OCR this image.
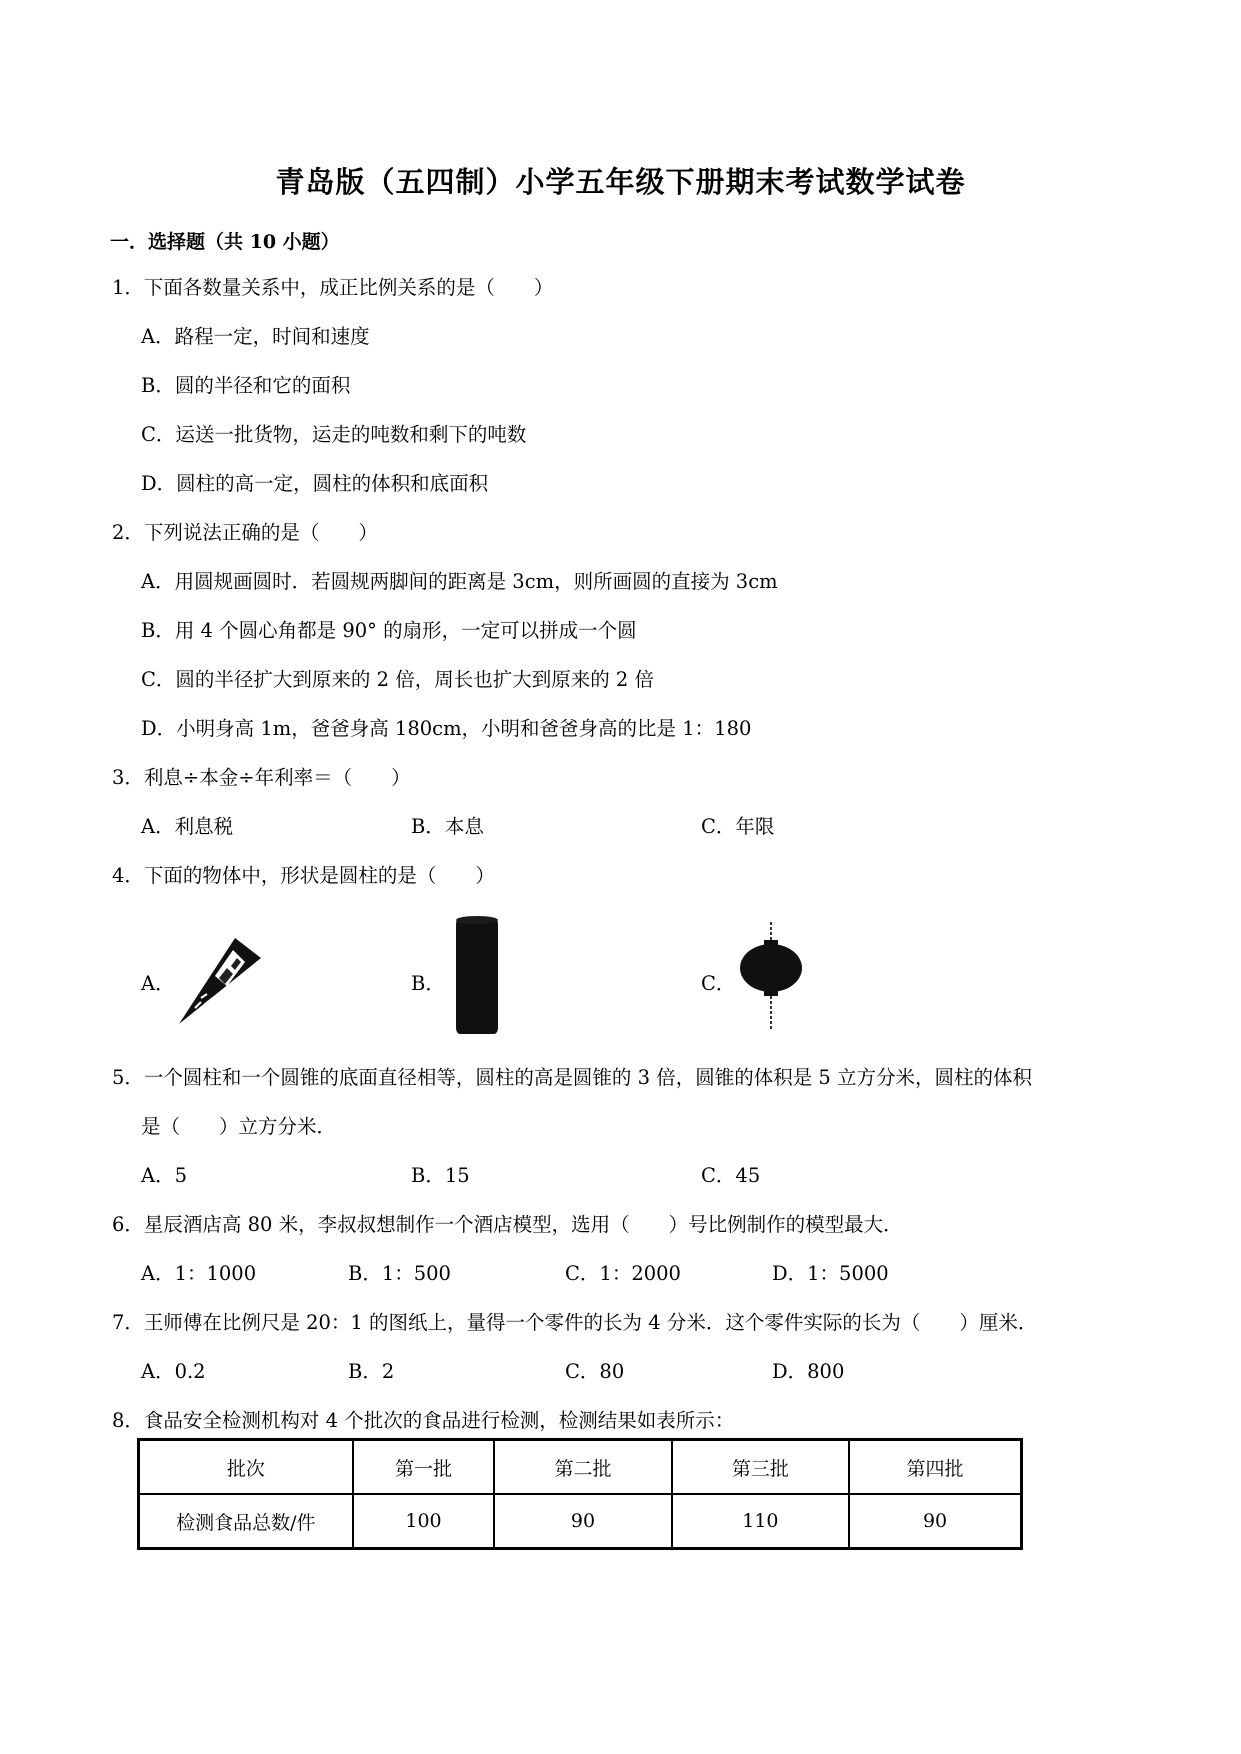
青岛版（五四制）小学五年级下册期末考试数学试卷
一．选择题（共 10 小题）
1．下面各数量关系中，成正比例关系的是（　　）
A．路程一定，时间和速度
B．圆的半径和它的面积
C．运送一批货物，运走的吨数和剩下的吨数
D．圆柱的高一定，圆柱的体积和底面积
2．下列说法正确的是（　　）
A．用圆规画圆时．若圆规两脚间的距离是 3cm，则所画圆的直接为 3cm
B．用 4 个圆心角都是 90° 的扇形，一定可以拼成一个圆
C．圆的半径扩大到原来的 2 倍，周长也扩大到原来的 2 倍
D．小明身高 1m，爸爸身高 180cm，小明和爸爸身高的比是 1：180
3．利息÷本金÷年利率＝（　　）
A．利息税	B．本息	C．年限
4．下面的物体中，形状是圆柱的是（　　）
A．	B．	C．
5．一个圆柱和一个圆锥的底面直径相等，圆柱的高是圆锥的 3 倍，圆锥的体积是 5 立方分米，圆柱的体积
是（　　）立方分米．
A．5	B．15	C．45
6．星辰酒店高 80 米，李叔叔想制作一个酒店模型，选用（　　）号比例制作的模型最大．
A．1：1000	B．1：500	C．1：2000	D．1：5000
7．王师傅在比例尺是 20：1 的图纸上，量得一个零件的长为 4 分米．这个零件实际的长为（　　）厘米．
A．0.2	B．2	C．80	D．800
8．食品安全检测机构对 4 个批次的食品进行检测，检测结果如表所示：
批次	第一批	第二批	第三批	第四批
检测食品总数/件	100	90	110	90
